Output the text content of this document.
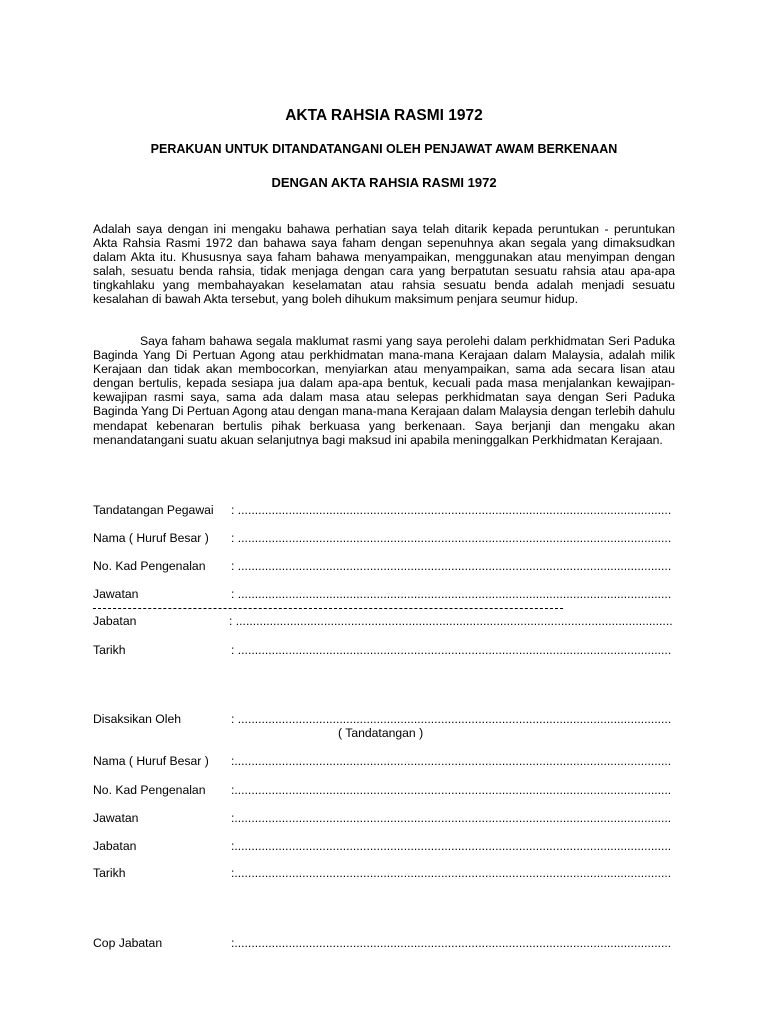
AKTA RAHSIA RASMI 1972
PERAKUAN UNTUK DITANDATANGANI OLEH PENJAWAT AWAM BERKENAAN
DENGAN AKTA RAHSIA RASMI 1972

Adalah saya dengan ini mengaku bahawa perhatian saya telah ditarik kepada peruntukan - peruntukan Akta Rahsia Rasmi 1972 dan bahawa saya faham dengan sepenuhnya akan segala yang dimaksudkan dalam Akta itu. Khususnya saya faham bahawa menyampaikan, menggunakan atau menyimpan dengan salah, sesuatu benda rahsia, tidak menjaga dengan cara yang berpatutan sesuatu rahsia atau apa-apa tingkahlaku yang membahayakan keselamatan atau rahsia sesuatu benda adalah menjadi sesuatu kesalahan di bawah Akta tersebut, yang boleh dihukum maksimum penjara seumur hidup.

Saya faham bahawa segala maklumat rasmi yang saya perolehi dalam perkhidmatan Seri Paduka Baginda Yang Di Pertuan Agong atau perkhidmatan mana-mana Kerajaan dalam Malaysia, adalah milik Kerajaan dan tidak akan membocorkan, menyiarkan atau menyampaikan, sama ada secara lisan atau dengan bertulis, kepada sesiapa jua dalam apa-apa bentuk, kecuali pada masa menjalankan kewajipan-kewajipan rasmi saya, sama ada dalam masa atau selepas perkhidmatan saya dengan Seri Paduka Baginda Yang Di Pertuan Agong atau dengan mana-mana Kerajaan dalam Malaysia dengan terlebih dahulu mendapat kebenaran bertulis pihak berkuasa yang berkenaan. Saya berjanji dan mengaku akan menandatangani suatu akuan selanjutnya bagi maksud ini apabila meninggalkan Perkhidmatan Kerajaan.

Tandatangan Pegawai : .....
Nama ( Huruf Besar ) : .....
No. Kad Pengenalan : .....
Jawatan	: .....
Jabatan	: .....
Tarikh	: .....
Disaksikan Oleh	: .....
( Tandatangan )
Nama ( Huruf Besar ) : .....
No. Kad Pengenalan : .....
Jawatan	: .....
Jabatan	: .....
Tarikh	: .....
Cop Jabatan	: .....
